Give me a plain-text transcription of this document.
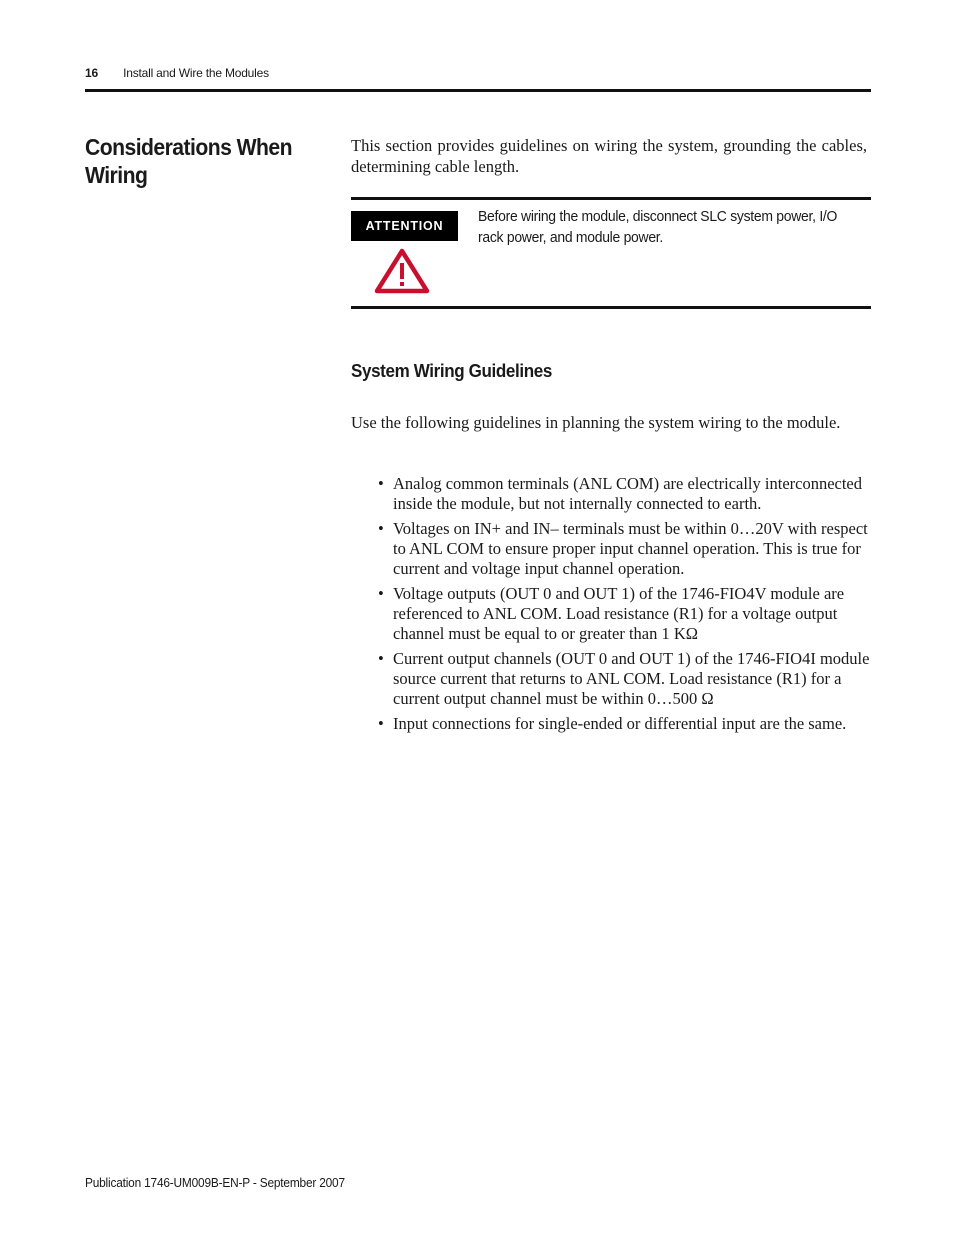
16 Install and Wire the Modules
Considerations When Wiring

This section provides guidelines on wiring the system, grounding the cables, determining cable length.

ATTENTION

Before wiring the module, disconnect SLC system power, I/O rack power, and module power.

System Wiring Guidelines

Use the following guidelines in planning the system wiring to the module.

• Analog common terminals (ANL COM) are electrically interconnected inside the module, but not internally connected to earth.
• Voltages on IN+ and IN– terminals must be within 0…20V with respect to ANL COM to ensure proper input channel operation. This is true for current and voltage input channel operation.
• Voltage outputs (OUT 0 and OUT 1) of the 1746-FIO4V module are referenced to ANL COM. Load resistance (R1) for a voltage output channel must be equal to or greater than 1 KΩ
• Current output channels (OUT 0 and OUT 1) of the 1746-FIO4I module source current that returns to ANL COM. Load resistance (R1) for a current output channel must be within 0…500 Ω
• Input connections for single-ended or differential input are the same.
Publication 1746-UM009B-EN-P - September 2007
